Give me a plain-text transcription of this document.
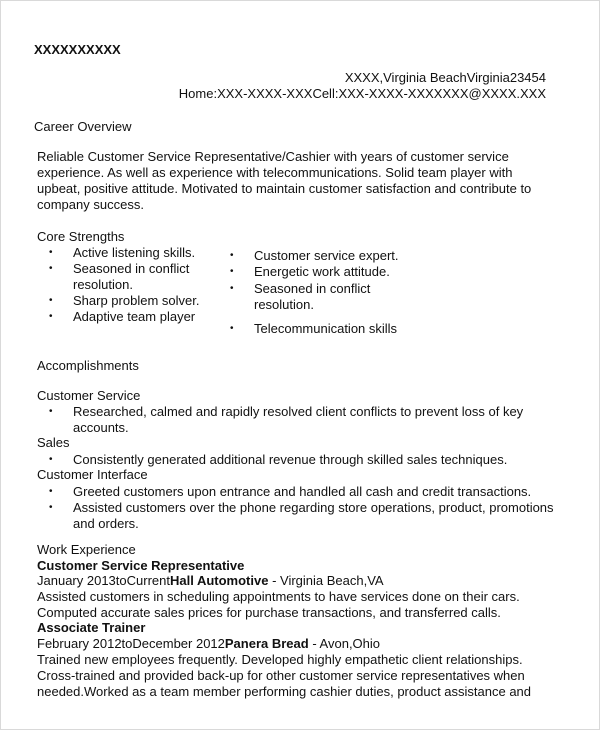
XXXXXXXXXX
XXXX,Virginia BeachVirginia23454
Home:XXX-XXXX-XXXCell:XXX-XXXX-XXXXXXX@XXXX.XXX
Career Overview
Reliable Customer Service Representative/Cashier with years of customer service
experience. As well as experience with telecommunications. Solid team player with
upbeat, positive attitude. Motivated to maintain customer satisfaction and contribute to
company success.
Core Strengths
• Active listening skills.
• Seasoned in conflict
resolution.
• Sharp problem solver.
• Adaptive team player
• Customer service expert.
• Energetic work attitude.
• Seasoned in conflict
resolution.
• Telecommunication skills
Accomplishments
Customer Service
• Researched, calmed and rapidly resolved client conflicts to prevent loss of key
accounts.
Sales
• Consistently generated additional revenue through skilled sales techniques.
Customer Interface
• Greeted customers upon entrance and handled all cash and credit transactions.
• Assisted customers over the phone regarding store operations, product, promotions
and orders.
Work Experience
Customer Service Representative
January 2013toCurrentHall Automotive - Virginia Beach,VA
Assisted customers in scheduling appointments to have services done on their cars.
Computed accurate sales prices for purchase transactions, and transferred calls.
Associate Trainer
February 2012toDecember 2012Panera Bread - Avon,Ohio
Trained new employees frequently. Developed highly empathetic client relationships.
Cross-trained and provided back-up for other customer service representatives when
needed.Worked as a team member performing cashier duties, product assistance and
